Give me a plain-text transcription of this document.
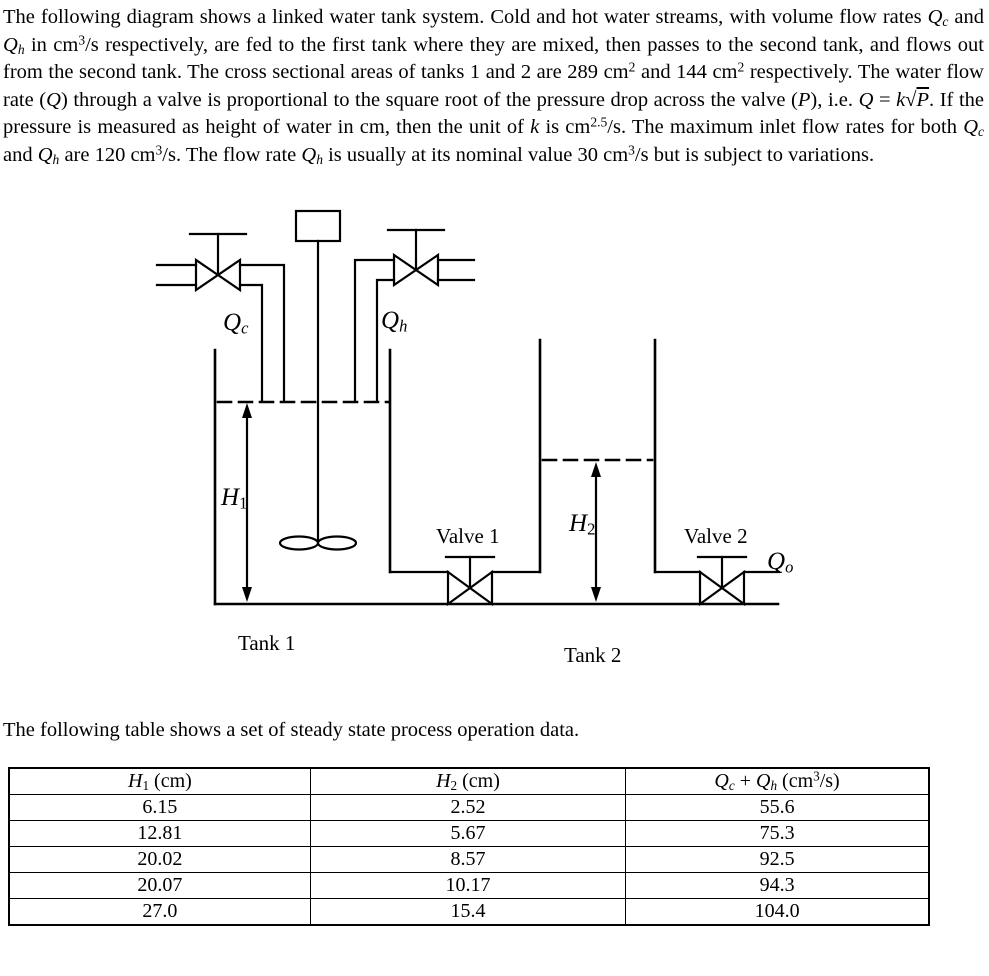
The following diagram shows a linked water tank system. Cold and hot water streams, with volume flow rates $Q_c$ and $Q_h$ in $cm^3/s$ respectively, are fed to the first tank where they are mixed, then passes to the second tank, and flows out from the second tank. The cross sectional areas of tanks 1 and 2 are 289 $cm^2$ and 144 $cm^2$ respectively. The water flow rate (Q) through a valve is proportional to the square root of the pressure drop across the valve (P), i.e. Q = k√P. If the pressure is measured as height of water in cm, then the unit of k is $cm^{2.5}/s$. The maximum inlet flow rates for both $Q_c$ and $Q_h$ are 120 $cm^3/s$. The flow rate $Q_h$ is usually at its nominal value 30 $cm^3/s$ but is subject to variations.

$Q_c$	$Q_h$
$H_1$
$H_2$
$Q_o$
Valve 1	Valve 2
Tank 1	Tank 2

The following table shows a set of steady state process operation data.

$H_1$ (cm)	$H_2$ (cm)	$Q_c + Q_h$ $(cm^3/s)$
6.15	2.52	55.6
12.81	5.67	75.3
20.02	8.57	92.5
20.07	10.17	94.3
27.0	15.4	104.0
